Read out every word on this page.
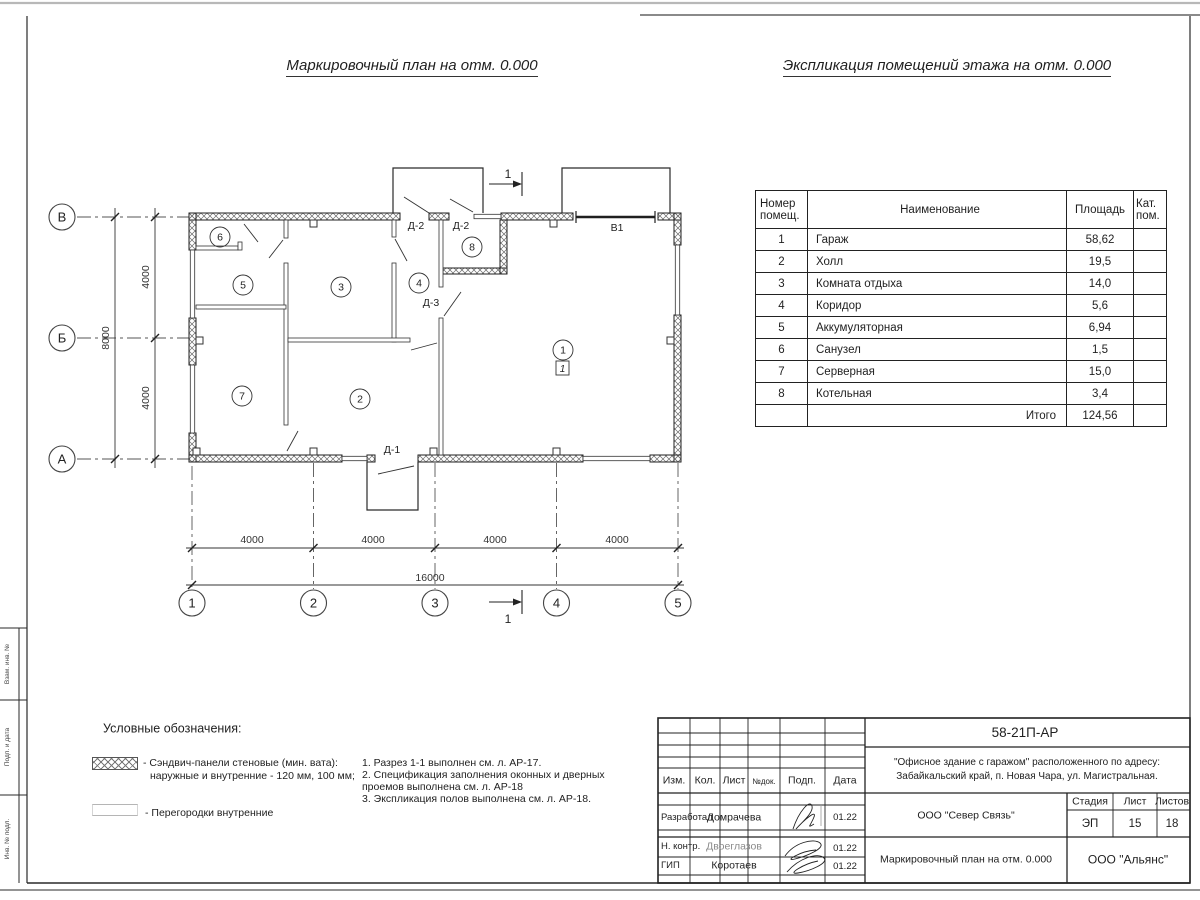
Взам. инв. №
Подп. и дата
Инв. № подл.
4000	4000	4000	4000
16000
4000
4000
8000
В
Б
А
1	2	3	4	5
6
5	3	4
8
1
7	2
1
Д-2	Д-2
Д-3
Д-1
В1
1
1
Маркировочный план на отм. 0.000	Экспликация помещений этажа на отм. 0.000
Номер помещ.	Наименование	Площадь	Кат. пом.
1	Гараж	58,62	
2	Холл	19,5	
3	Комната отдыха	14,0	
4	Коридор	5,6	
5	Аккумуляторная	6,94	
6	Санузел	1,5	
7	Серверная	15,0	
8	Котельная	3,4	
	Итого	124,56	
Условные обозначения:
- Сэндвич-панели стеновые (мин. вата):
наружные и внутренние - 120 мм, 100 мм;
- Перегородки внутренние
1. Разрез 1-1 выполнен см. л. АР-17.
2. Спецификация заполнения оконных и дверных
проемов выполнена см. л. АР-18
3. Экспликация полов выполнена см. л. АР-18.
58-21П-АР
"Офисное здание с гаражом" расположенного по адресу:
Забайкальский край, п. Новая Чара, ул. Магистральная.
Изм. Кол. Лист №док. Подп. Дата
Разработал
Домрачева	01.22
Н. контр. Двоеглазов	01.22
ГИП	Коротаев	01.22
ООО "Север Связь"
Стадия Лист Листов
ЭП	15 18
Маркировочный план на отм. 0.000	ООО "Альянс"
